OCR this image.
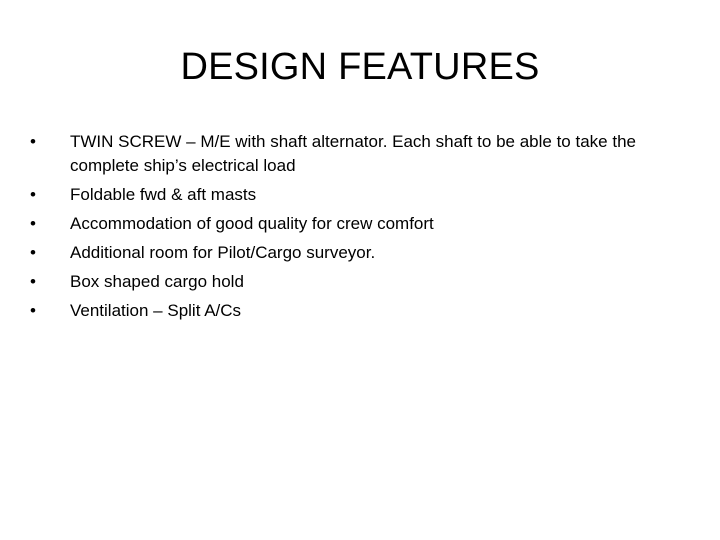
DESIGN FEATURES
•	TWIN SCREW – M/E with shaft alternator. Each shaft to be able to take the complete ship’s electrical load
•	Foldable fwd & aft masts
•	Accommodation of good quality for crew comfort
•	Additional room for Pilot/Cargo surveyor.
•	Box shaped cargo hold
•	Ventilation – Split A/Cs
